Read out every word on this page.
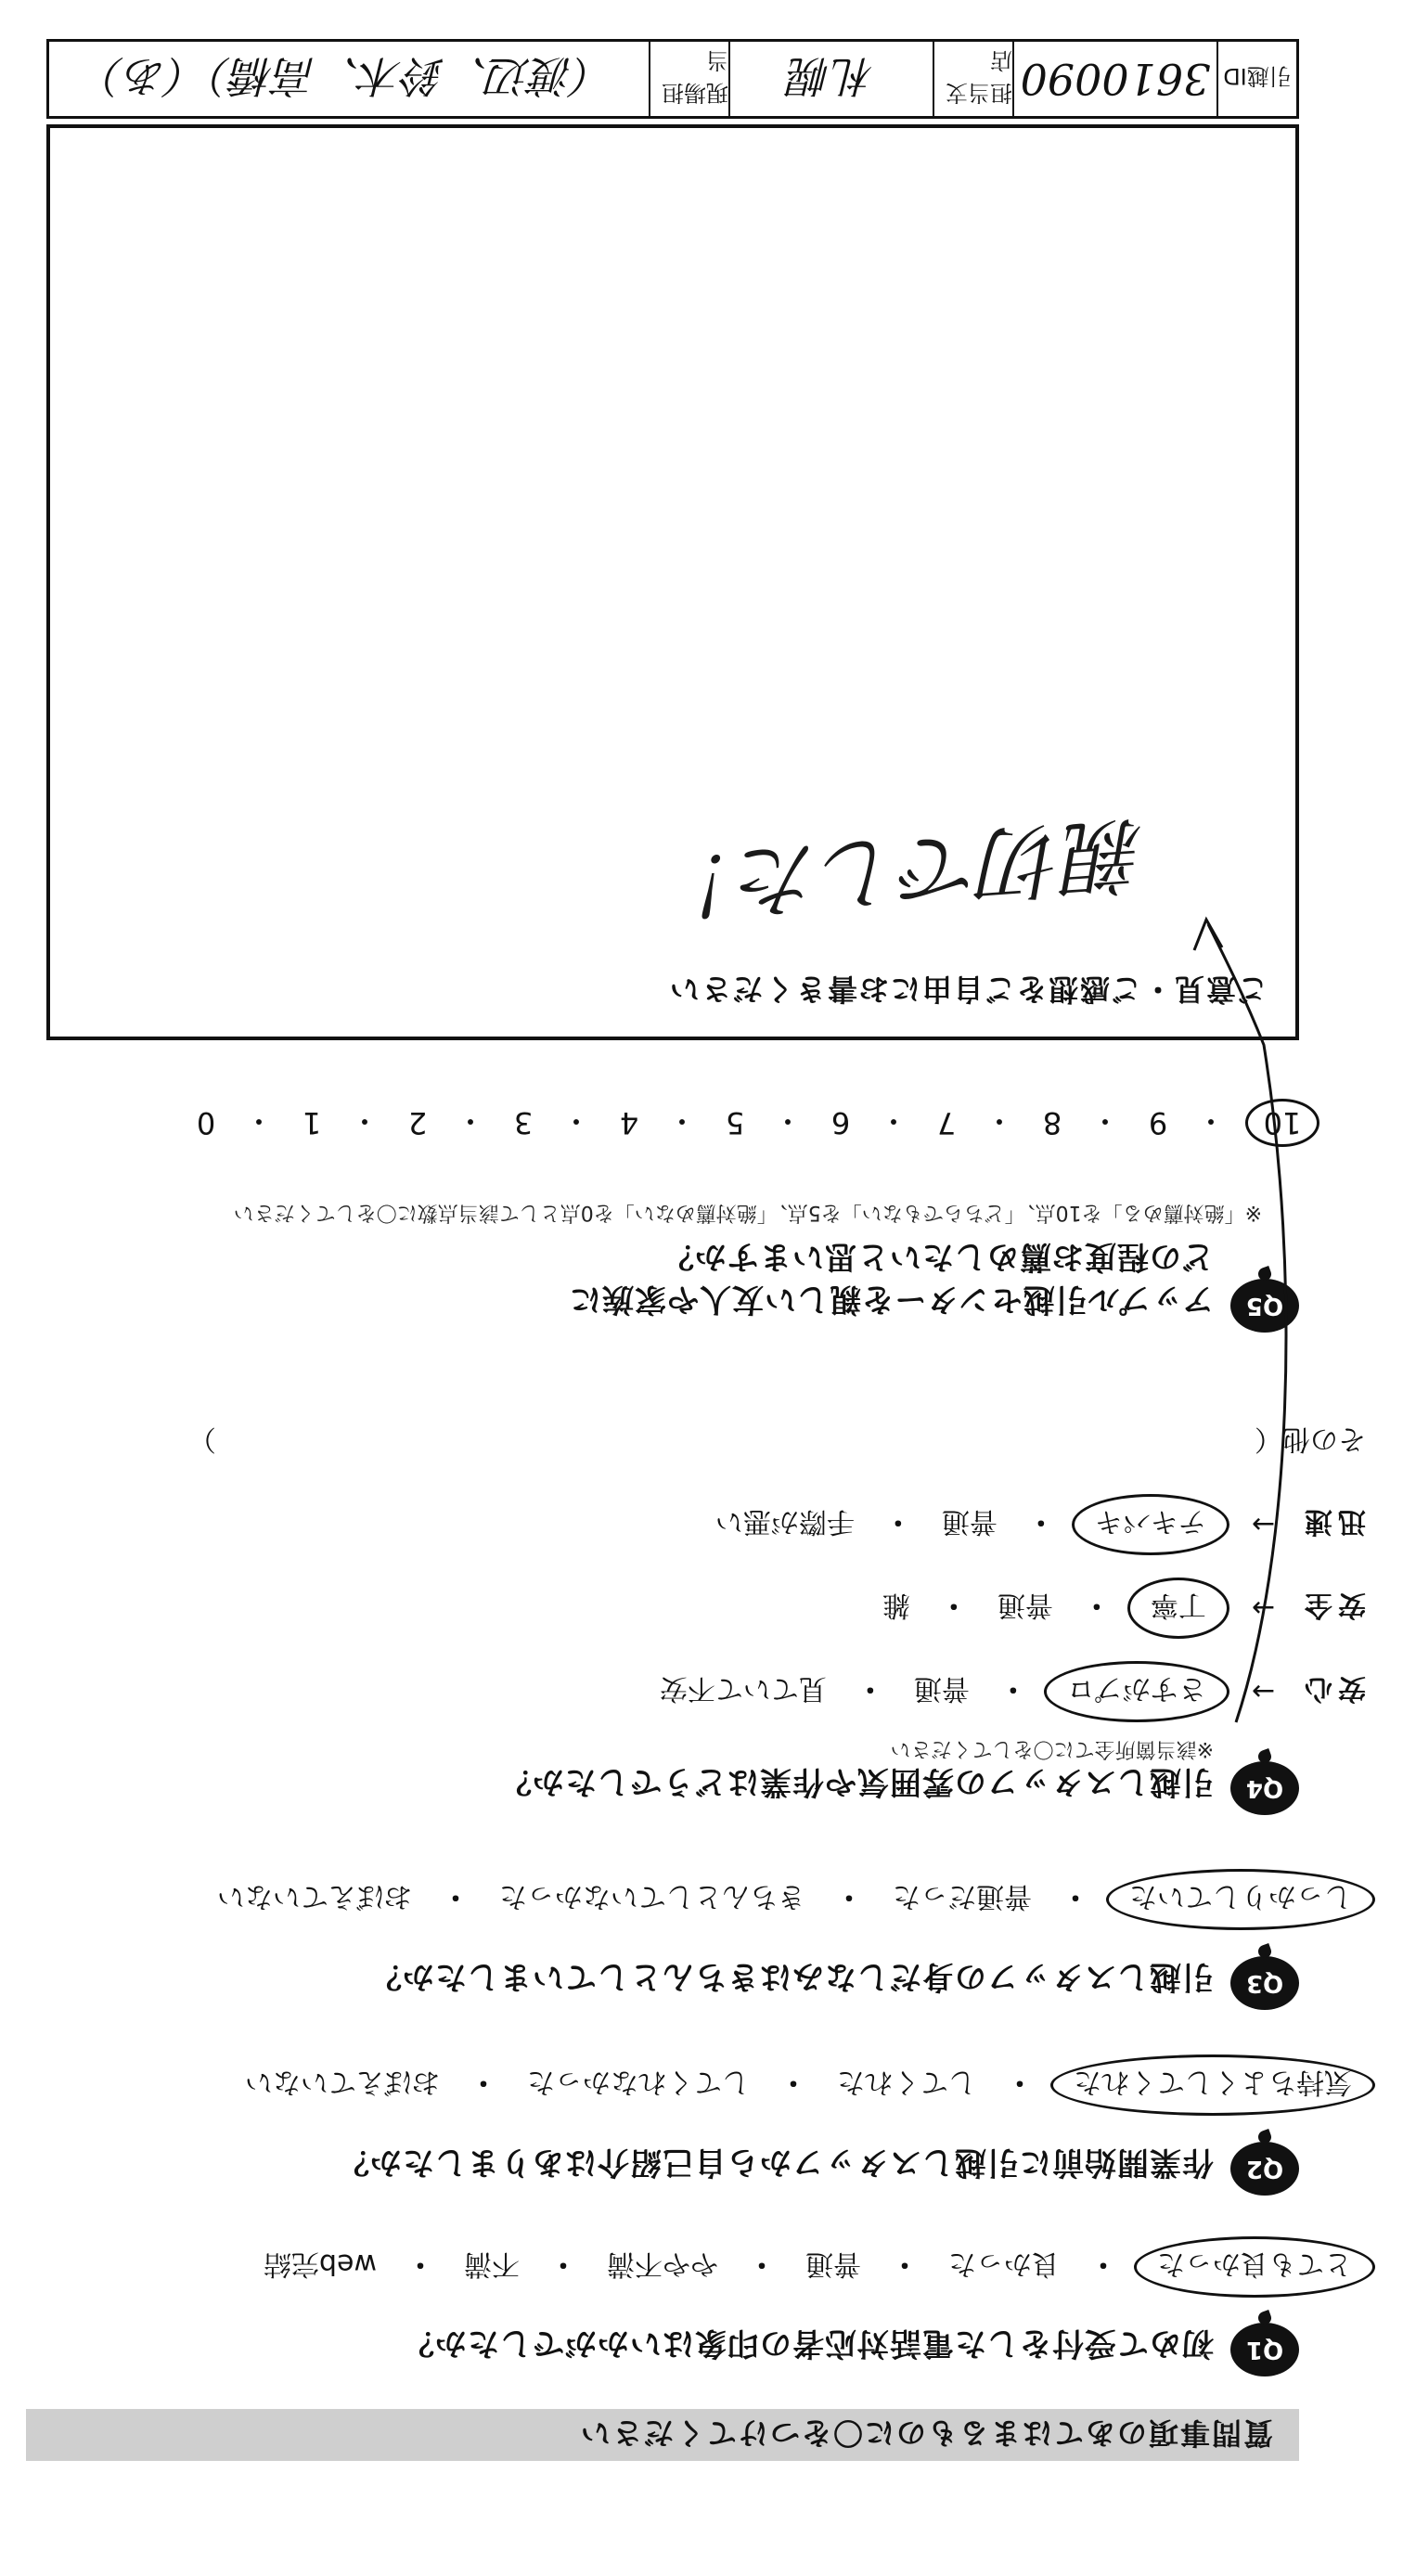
質問事項のあてはまるものに〇をつけてください
Q1
初めて受付をした電話対応者の印象はいかがでしたか？
とても良かった
・
良かった
・
普通
・
やや不満
・
不満
・
web完結
Q2
作業開始前に引越しスタッフから自己紹介はありましたか？
気持ちよくしてくれた
・
してくれた
・
してくれなかった
・
おぼえていない
Q3
引越しスタッフの身だしなみはきちんとしていましたか？
しっかりしていた
・
普通だった
・
きちんとしていなかった
・
おぼえていない
Q4
引越しスタッフの雰囲気や作業はどうでしたか？
※該当箇所全てに〇をしてください
安心
→
さすがプロ
・
普通
・
見ていて不安
安全
→
丁寧
・
普通
・
雑
迅速
→
テキパキ
・
普通
・
手際が悪い
その他（  ）
Q5
アップル引越センターを親しい友人や家族に
どの程度お薦めしたいと思いますか？
※「絶対薦める」を10点、「どちらでもない」を5点、「絶対薦めない」を0点として該当点数に〇をしてください
10
・
9
・
8
・
7
・
6
・
5
・
4
・
3
・
2
・
1
・
0
ご意見・ご感想をご自由にお書きください
親切でした！
引越ID
3610090
担当支店
札幌
現場担当
（渡辺、鈴木、高橋）（あ）
